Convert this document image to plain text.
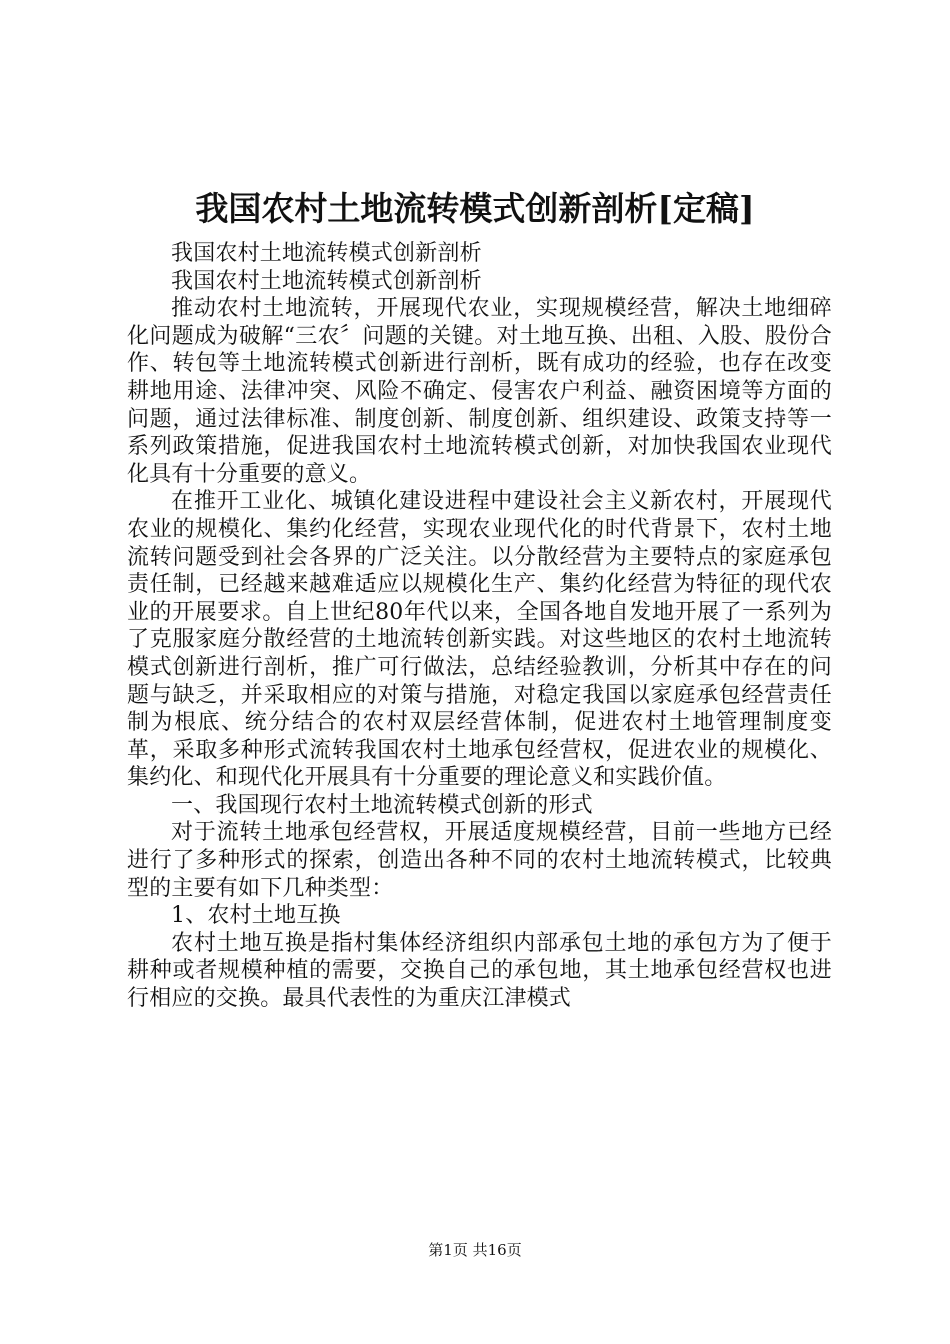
我国农村土地流转模式创新剖析[定稿]

我国农村土地流转模式创新剖析

我国农村土地流转模式创新剖析

推动农村土地流转，开展现代农业，实现规模经营，解决土地细碎化问题成为破解“三农〞问题的关键。对土地互换、出租、入股、股份合作、转包等土地流转模式创新进行剖析，既有成功的经验，也存在改变耕地用途、法律冲突、风险不确定、侵害农户利益、融资困境等方面的问题，通过法律标准、制度创新、制度创新、组织建设、政策支持等一系列政策措施，促进我国农村土地流转模式创新，对加快我国农业现代化具有十分重要的意义。

在推开工业化、城镇化建设进程中建设社会主义新农村，开展现代农业的规模化、集约化经营，实现农业现代化的时代背景下，农村土地流转问题受到社会各界的广泛关注。以分散经营为主要特点的家庭承包责任制，已经越来越难适应以规模化生产、集约化经营为特征的现代农业的开展要求。自上世纪80年代以来，全国各地自发地开展了一系列为了克服家庭分散经营的土地流转创新实践。对这些地区的农村土地流转模式创新进行剖析，推广可行做法，总结经验教训，分析其中存在的问题与缺乏，并采取相应的对策与措施，对稳定我国以家庭承包经营责任制为根底、统分结合的农村双层经营体制，促进农村土地管理制度变革，采取多种形式流转我国农村土地承包经营权，促进农业的规模化、集约化、和现代化开展具有十分重要的理论意义和实践价值。

一、我国现行农村土地流转模式创新的形式

对于流转土地承包经营权，开展适度规模经营，目前一些地方已经进行了多种形式的探索，创造出各种不同的农村土地流转模式，比较典型的主要有如下几种类型：

1、农村土地互换

农村土地互换是指村集体经济组织内部承包土地的承包方为了便于耕种或者规模种植的需要，交换自己的承包地，其土地承包经营权也进行相应的交换。最具代表性的为重庆江津模式

第1页 共16页
